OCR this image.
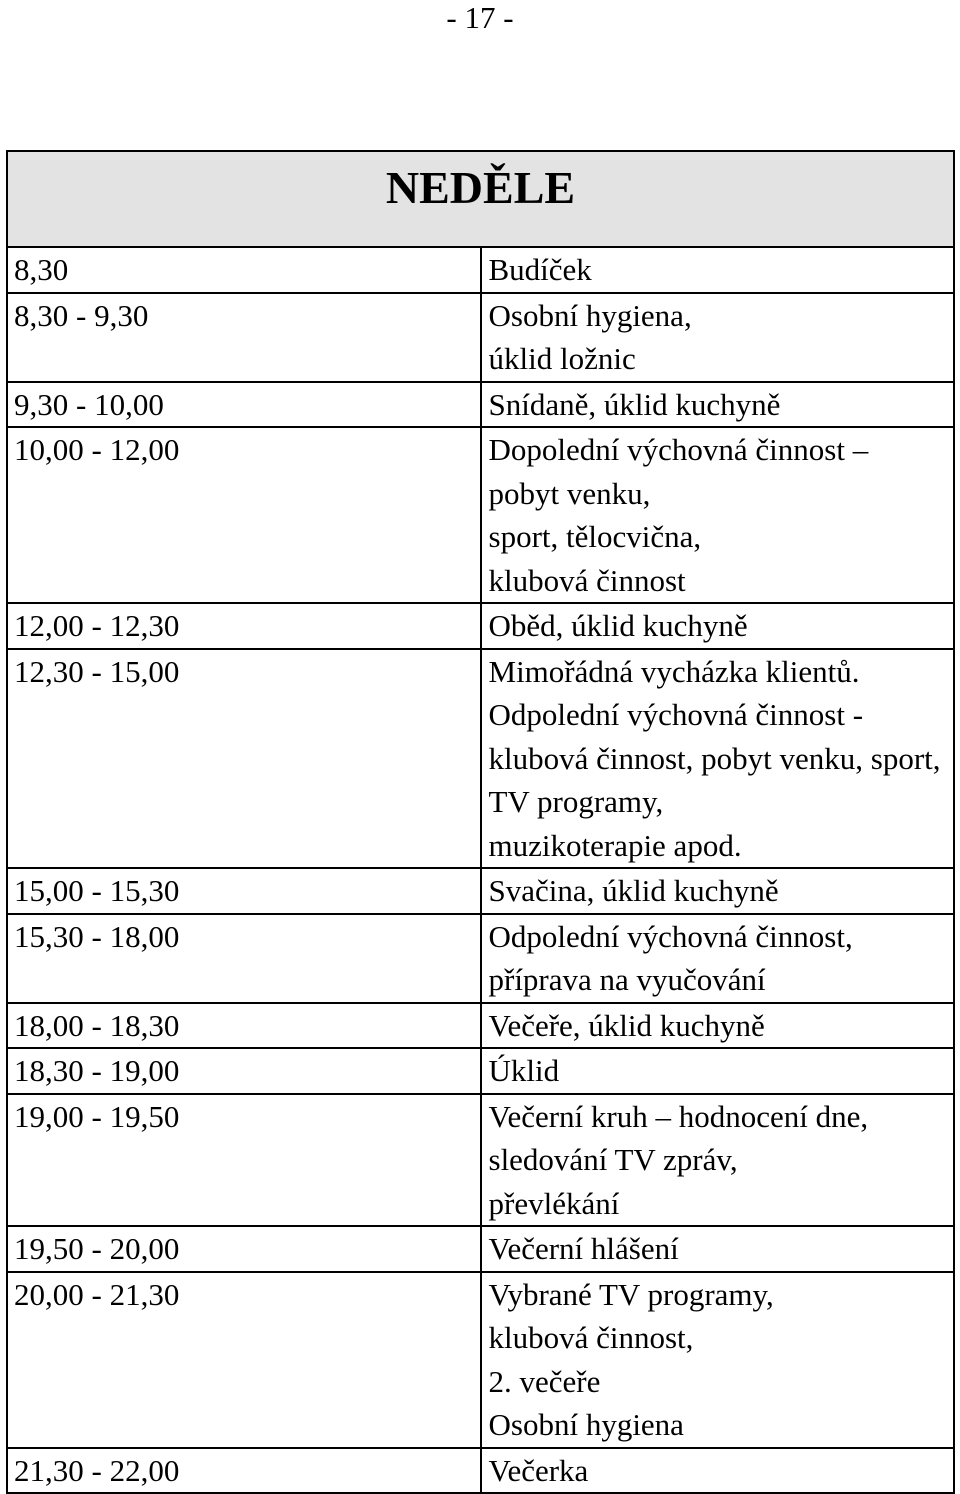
- 17 -
NEDĚLE	
8,30	Budíček

8,30 - 9,30	Osobní hygiena,
úklid ložnic

9,30 - 10,00	Snídaně, úklid kuchyně

10,00 - 12,00	Dopolední výchovná činnost –
pobyt venku,
sport, tělocvična,
klubová činnost

12,00 - 12,30	Oběd, úklid kuchyně

12,30 - 15,00	Mimořádná vycházka klientů.
Odpolední výchovná činnost -
klubová činnost, pobyt venku, sport,
TV programy,
muzikoterapie apod.

15,00 - 15,30	Svačina, úklid kuchyně

15,30 - 18,00	Odpolední výchovná činnost,
příprava na vyučování

18,00 - 18,30	Večeře, úklid kuchyně

18,30 - 19,00	Úklid

19,00 - 19,50	Večerní kruh – hodnocení dne,
sledování TV zpráv,
převlékání

19,50 - 20,00	Večerní hlášení

20,00 - 21,30	Vybrané TV programy,
klubová činnost,
2. večeře
Osobní hygiena

21,30 - 22,00	Večerka
